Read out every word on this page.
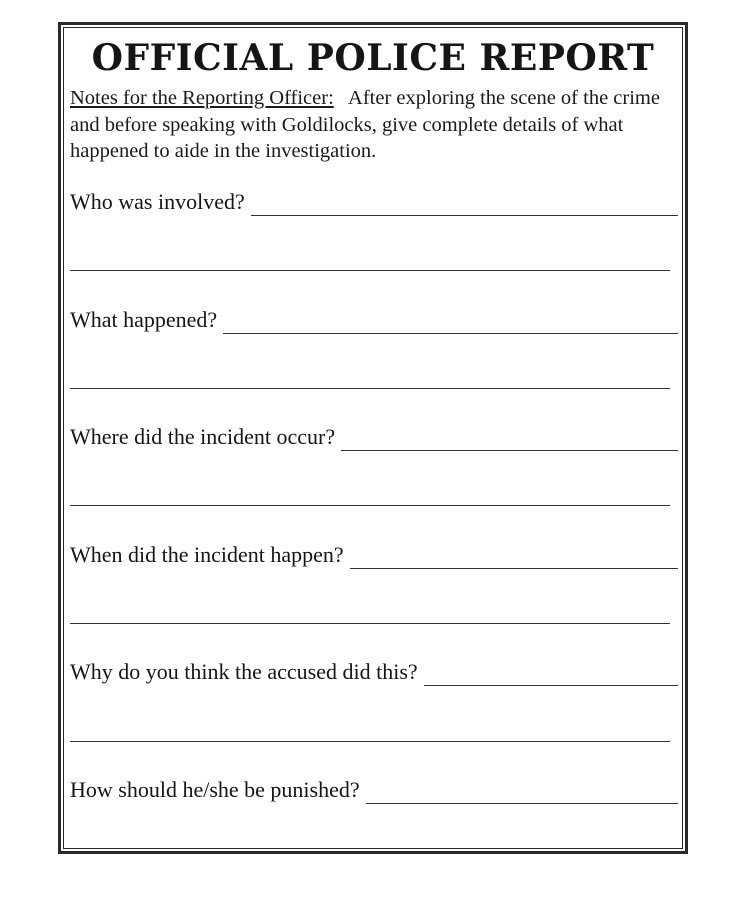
OFFICIAL POLICE REPORT
Notes for the Reporting Officer: After exploring the scene of the crime and before speaking with Goldilocks, give complete details of what happened to aide in the investigation.
Who was involved?
What happened?
Where did the incident occur?
When did the incident happen?
Why do you think the accused did this?
How should he/she be punished?
